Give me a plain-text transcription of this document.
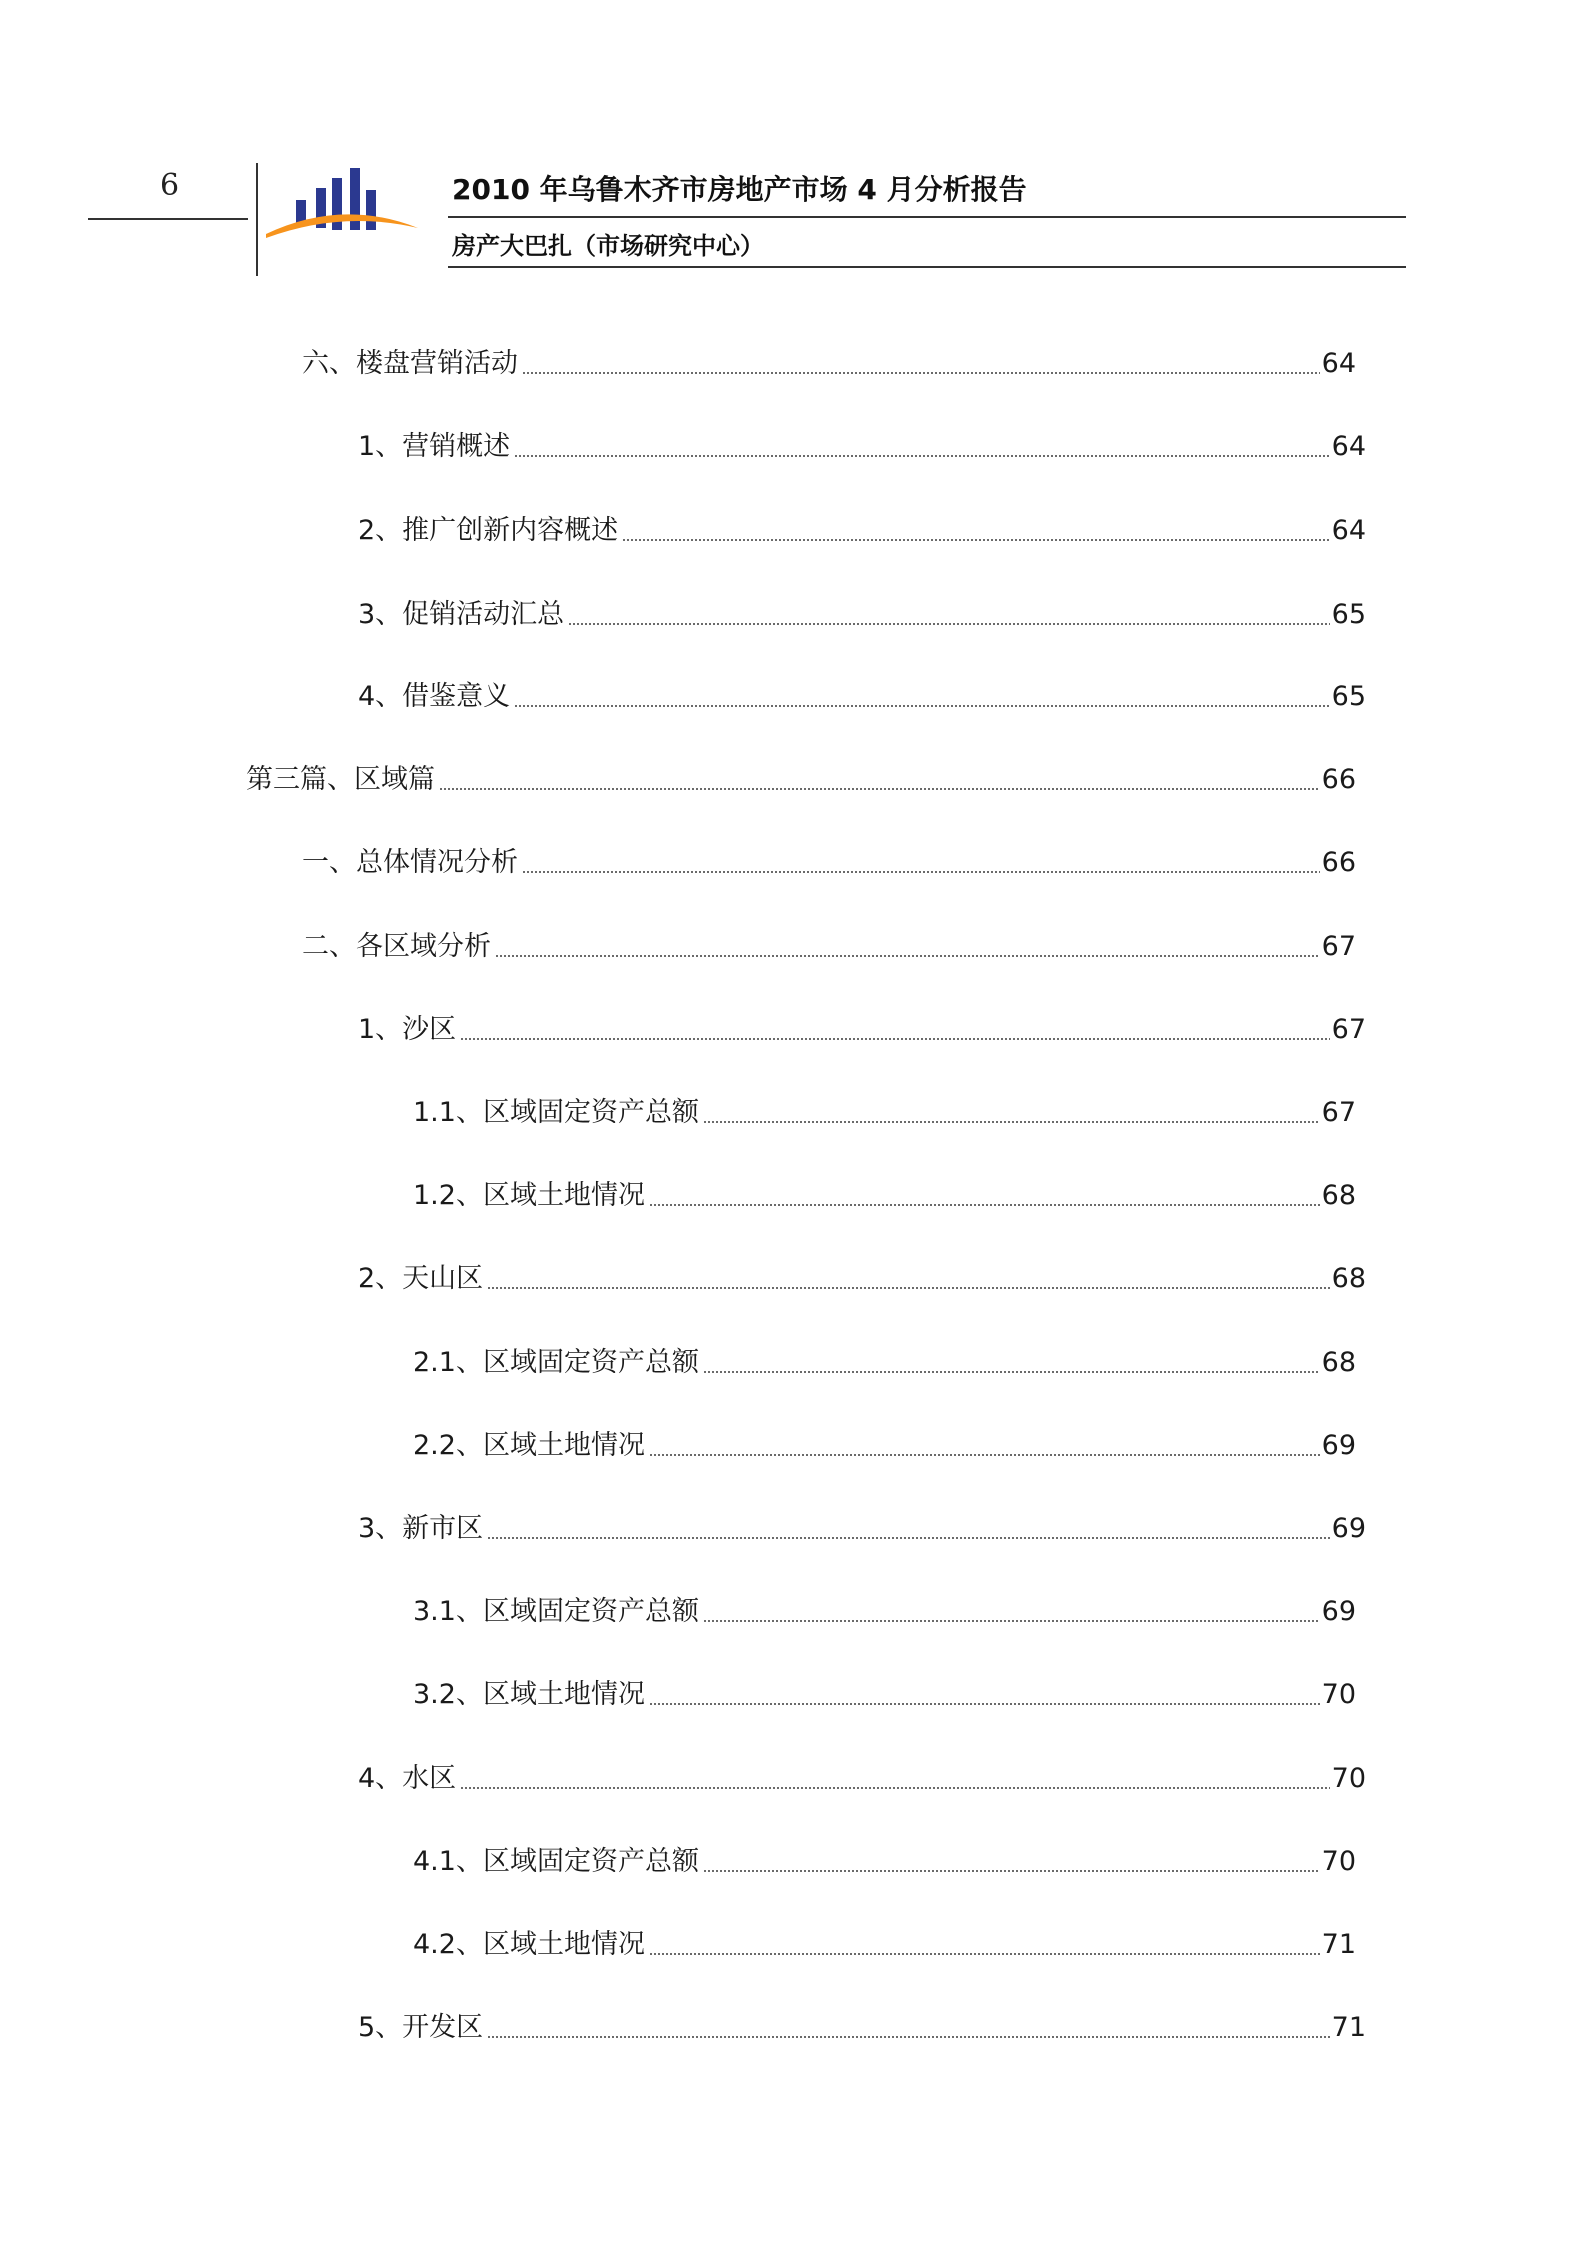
6	2010 年乌鲁木齐市房地产市场 4 月分析报告
房产大巴扎（市场研究中心）
六、楼盘营销活动	64
1、营销概述	64
2、推广创新内容概述	64
3、促销活动汇总	65
4、借鉴意义	65
第三篇、区域篇	66
一、总体情况分析	66
二、各区域分析	67
1、沙区	67
1.1、区域固定资产总额	67
1.2、区域土地情况	68
2、天山区	68
2.1、区域固定资产总额	68
2.2、区域土地情况	69
3、新市区	69
3.1、区域固定资产总额	69
3.2、区域土地情况	70
4、水区	70
4.1、区域固定资产总额	70
4.2、区域土地情况	71
5、开发区	71
